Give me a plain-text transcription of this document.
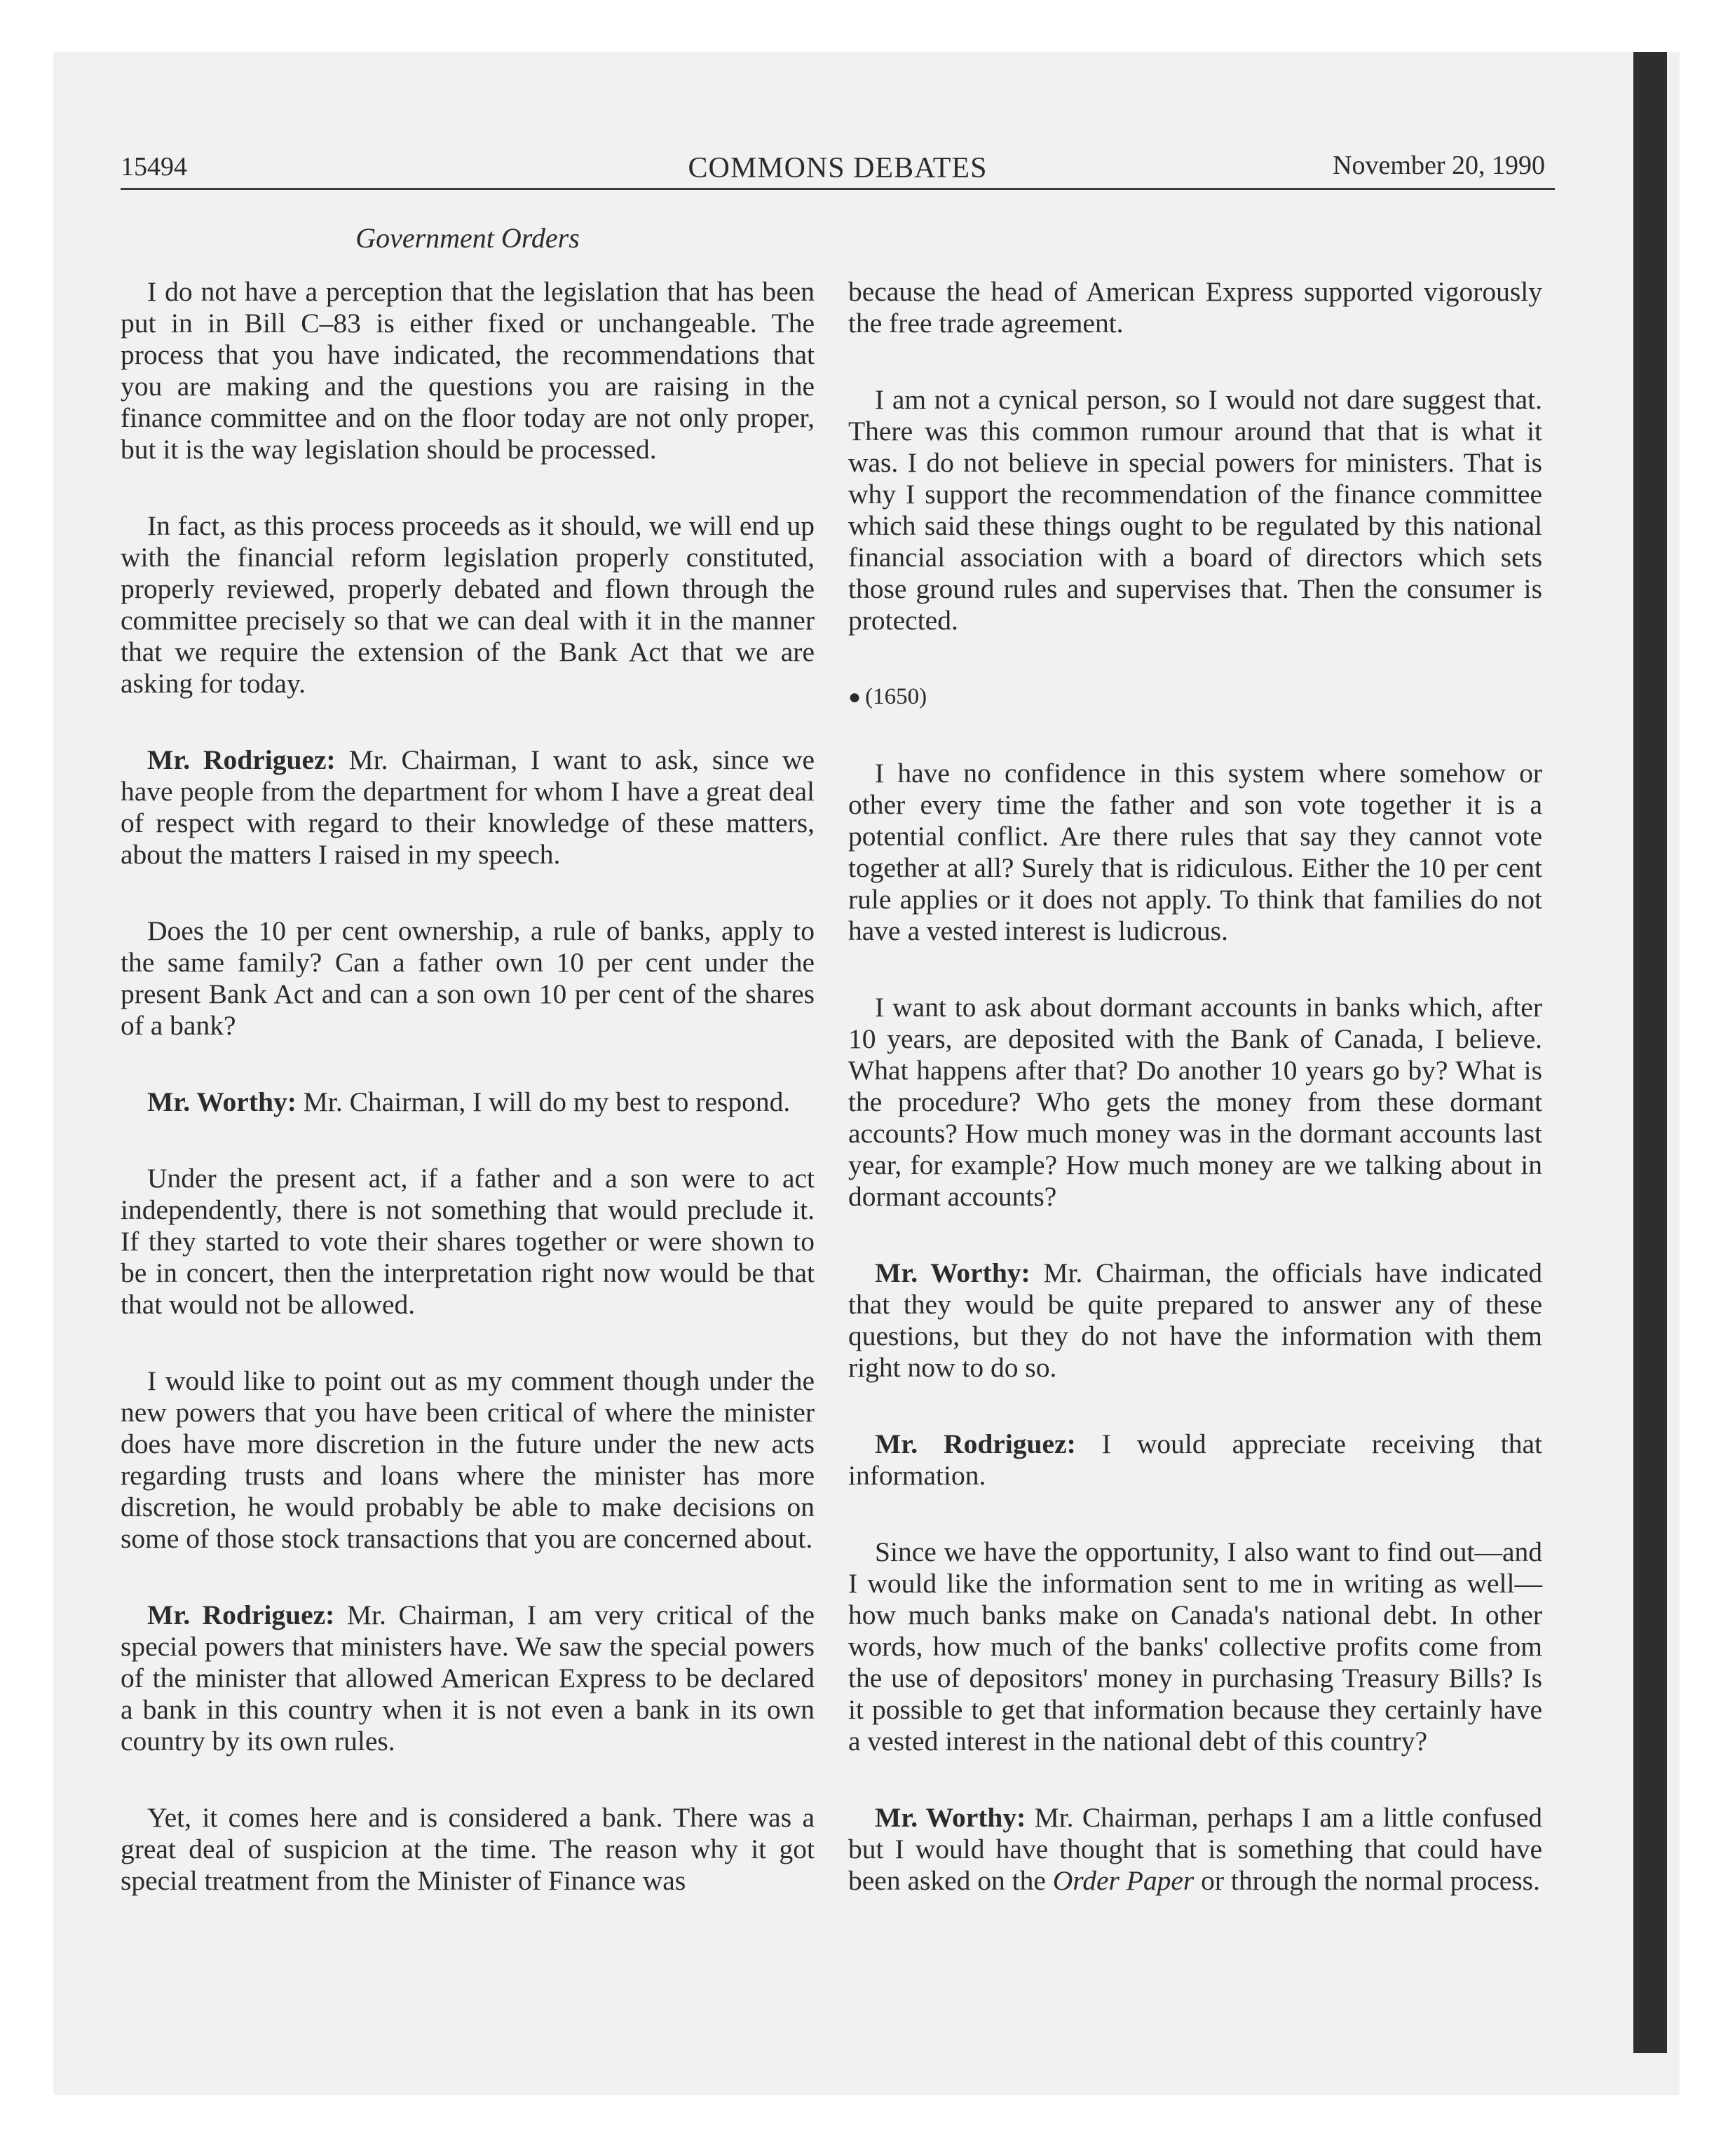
15494	COMMONS DEBATES	November 20, 1990
Government Orders

I do not have a perception that the legislation that has been put in in Bill C–83 is either fixed or unchangeable. The process that you have indicated, the recommendations that you are making and the questions you are raising in the finance committee and on the floor today are not only proper, but it is the way legislation should be processed.

In fact, as this process proceeds as it should, we will end up with the financial reform legislation properly constituted, properly reviewed, properly debated and flown through the committee precisely so that we can deal with it in the manner that we require the extension of the Bank Act that we are asking for today.

Mr. Rodriguez: Mr. Chairman, I want to ask, since we have people from the department for whom I have a great deal of respect with regard to their knowledge of these matters, about the matters I raised in my speech.

Does the 10 per cent ownership, a rule of banks, apply to the same family? Can a father own 10 per cent under the present Bank Act and can a son own 10 per cent of the shares of a bank?

Mr. Worthy: Mr. Chairman, I will do my best to respond.

Under the present act, if a father and a son were to act independently, there is not something that would preclude it. If they started to vote their shares together or were shown to be in concert, then the interpretation right now would be that that would not be allowed.

I would like to point out as my comment though under the new powers that you have been critical of where the minister does have more discretion in the future under the new acts regarding trusts and loans where the minister has more discretion, he would probably be able to make decisions on some of those stock transactions that you are concerned about.

Mr. Rodriguez: Mr. Chairman, I am very critical of the special powers that ministers have. We saw the special powers of the minister that allowed American Express to be declared a bank in this country when it is not even a bank in its own country by its own rules.

Yet, it comes here and is considered a bank. There was a great deal of suspicion at the time. The reason why it got special treatment from the Minister of Finance was

because the head of American Express supported vigorously the free trade agreement.

I am not a cynical person, so I would not dare suggest that. There was this common rumour around that that is what it was. I do not believe in special powers for ministers. That is why I support the recommendation of the finance committee which said these things ought to be regulated by this national financial association with a board of directors which sets those ground rules and supervises that. Then the consumer is protected.

● (1650)

I have no confidence in this system where somehow or other every time the father and son vote together it is a potential conflict. Are there rules that say they cannot vote together at all? Surely that is ridiculous. Either the 10 per cent rule applies or it does not apply. To think that families do not have a vested interest is ludicrous.

I want to ask about dormant accounts in banks which, after 10 years, are deposited with the Bank of Canada, I believe. What happens after that? Do another 10 years go by? What is the procedure? Who gets the money from these dormant accounts? How much money was in the dormant accounts last year, for example? How much money are we talking about in dormant accounts?

Mr. Worthy: Mr. Chairman, the officials have indicated that they would be quite prepared to answer any of these questions, but they do not have the information with them right now to do so.

Mr. Rodriguez: I would appreciate receiving that information.

Since we have the opportunity, I also want to find out—and I would like the information sent to me in writing as well—how much banks make on Canada's national debt. In other words, how much of the banks' collective profits come from the use of depositors' money in purchasing Treasury Bills? Is it possible to get that information because they certainly have a vested interest in the national debt of this country?

Mr. Worthy: Mr. Chairman, perhaps I am a little confused but I would have thought that is something that could have been asked on the Order Paper or through the normal process.
